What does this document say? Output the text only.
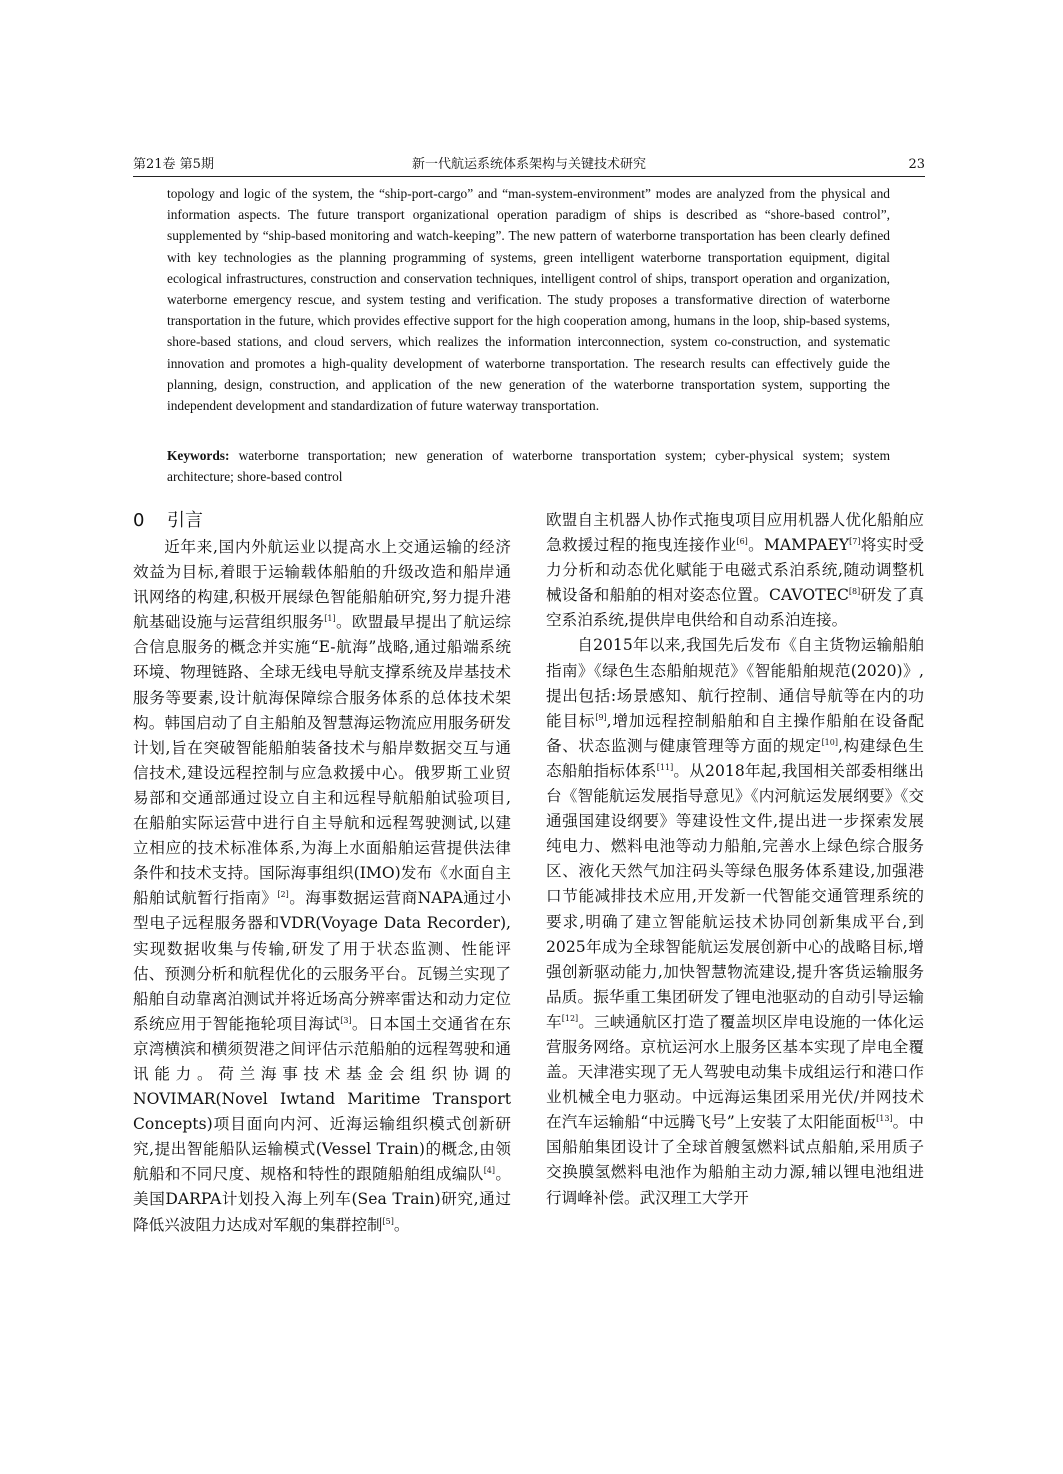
第21卷 第5期	新一代航运系统体系架构与关键技术研究	23
topology and logic of the system, the “ship-port-cargo” and “man-system-environment” modes are analyzed from the physical and information aspects. The future transport organizational operation paradigm of ships is described as “shore-based control”, supplemented by “ship-based monitoring and watch-keeping”. The new pattern of waterborne transportation has been clearly defined with key technologies as the planning programming of systems, green intelligent waterborne transportation equipment, digital ecological infrastructures, construction and conservation techniques, intelligent control of ships, transport operation and organization, waterborne emergency rescue, and system testing and verification. The study proposes a transformative direction of waterborne transportation in the future, which provides effective support for the high cooperation among, humans in the loop, ship-based systems, shore-based stations, and cloud servers, which realizes the information interconnection, system co-construction, and systematic innovation and promotes a high-quality development of waterborne transportation. The research results can effectively guide the planning, design, construction, and application of the new generation of the waterborne transportation system, supporting the independent development and standardization of future waterway transportation.
Keywords: waterborne transportation; new generation of waterborne transportation system; cyber-physical system; system architecture; shore-based control
0 引言

近年来,国内外航运业以提高水上交通运输的经济效益为目标,着眼于运输载体船舶的升级改造和船岸通讯网络的构建,积极开展绿色智能船舶研究,努力提升港航基础设施与运营组织服务[1]。欧盟最早提出了航运综合信息服务的概念并实施“E-航海”战略,通过船端系统环境、物理链路、全球无线电导航支撑系统及岸基技术服务等要素,设计航海保障综合服务体系的总体技术架构。韩国启动了自主船舶及智慧海运物流应用服务研发计划,旨在突破智能船舶装备技术与船岸数据交互与通信技术,建设远程控制与应急救援中心。俄罗斯工业贸易部和交通部通过设立自主和远程导航船舶试验项目,在船舶实际运营中进行自主导航和远程驾驶测试,以建立相应的技术标准体系,为海上水面船舶运营提供法律条件和技术支持。国际海事组织(IMO)发布《水面自主船舶试航暂行指南》[2]。海事数据运营商NAPA通过小型电子远程服务器和VDR(Voyage Data Recorder),实现数据收集与传输,研发了用于状态监测、性能评估、预测分析和航程优化的云服务平台。瓦锡兰实现了船舶自动靠离泊测试并将近场高分辨率雷达和动力定位系统应用于智能拖轮项目海试[3]。日本国土交通省在东京湾横滨和横须贺港之间评估示范船舶的远程驾驶和通讯能力。荷兰海事技术基金会组织协调的NOVIMAR(Novel Iwtand Maritime Transport Concepts)项目面向内河、近海运输组织模式创新研究,提出智能船队运输模式(Vessel Train)的概念,由领航船和不同尺度、规格和特性的跟随船舶组成编队[4]。美国DARPA计划投入海上列车(Sea Train)研究,通过降低兴波阻力达成对军舰的集群控制[5]。

欧盟自主机器人协作式拖曳项目应用机器人优化船舶应急救援过程的拖曳连接作业[6]。MAMPAEY[7]将实时受力分析和动态优化赋能于电磁式系泊系统,随动调整机械设备和船舶的相对姿态位置。CAVOTEC[8]研发了真空系泊系统,提供岸电供给和自动系泊连接。

自2015年以来,我国先后发布《自主货物运输船舶指南》《绿色生态船舶规范》《智能船舶规范(2020)》,提出包括:场景感知、航行控制、通信导航等在内的功能目标[9],增加远程控制船舶和自主操作船舶在设备配备、状态监测与健康管理等方面的规定[10],构建绿色生态船舶指标体系[11]。从2018年起,我国相关部委相继出台《智能航运发展指导意见》《内河航运发展纲要》《交通强国建设纲要》等建设性文件,提出进一步探索发展纯电力、燃料电池等动力船舶,完善水上绿色综合服务区、液化天然气加注码头等绿色服务体系建设,加强港口节能减排技术应用,开发新一代智能交通管理系统的要求,明确了建立智能航运技术协同创新集成平台,到2025年成为全球智能航运发展创新中心的战略目标,增强创新驱动能力,加快智慧物流建设,提升客货运输服务品质。振华重工集团研发了锂电池驱动的自动引导运输车[12]。三峡通航区打造了覆盖坝区岸电设施的一体化运营服务网络。京杭运河水上服务区基本实现了岸电全覆盖。天津港实现了无人驾驶电动集卡成组运行和港口作业机械全电力驱动。中远海运集团采用光伏/并网技术在汽车运输船“中远腾飞号”上安装了太阳能面板[13]。中国船舶集团设计了全球首艘氢燃料试点船舶,采用质子交换膜氢燃料电池作为船舶主动力源,辅以锂电池组进行调峰补偿。武汉理工大学开
